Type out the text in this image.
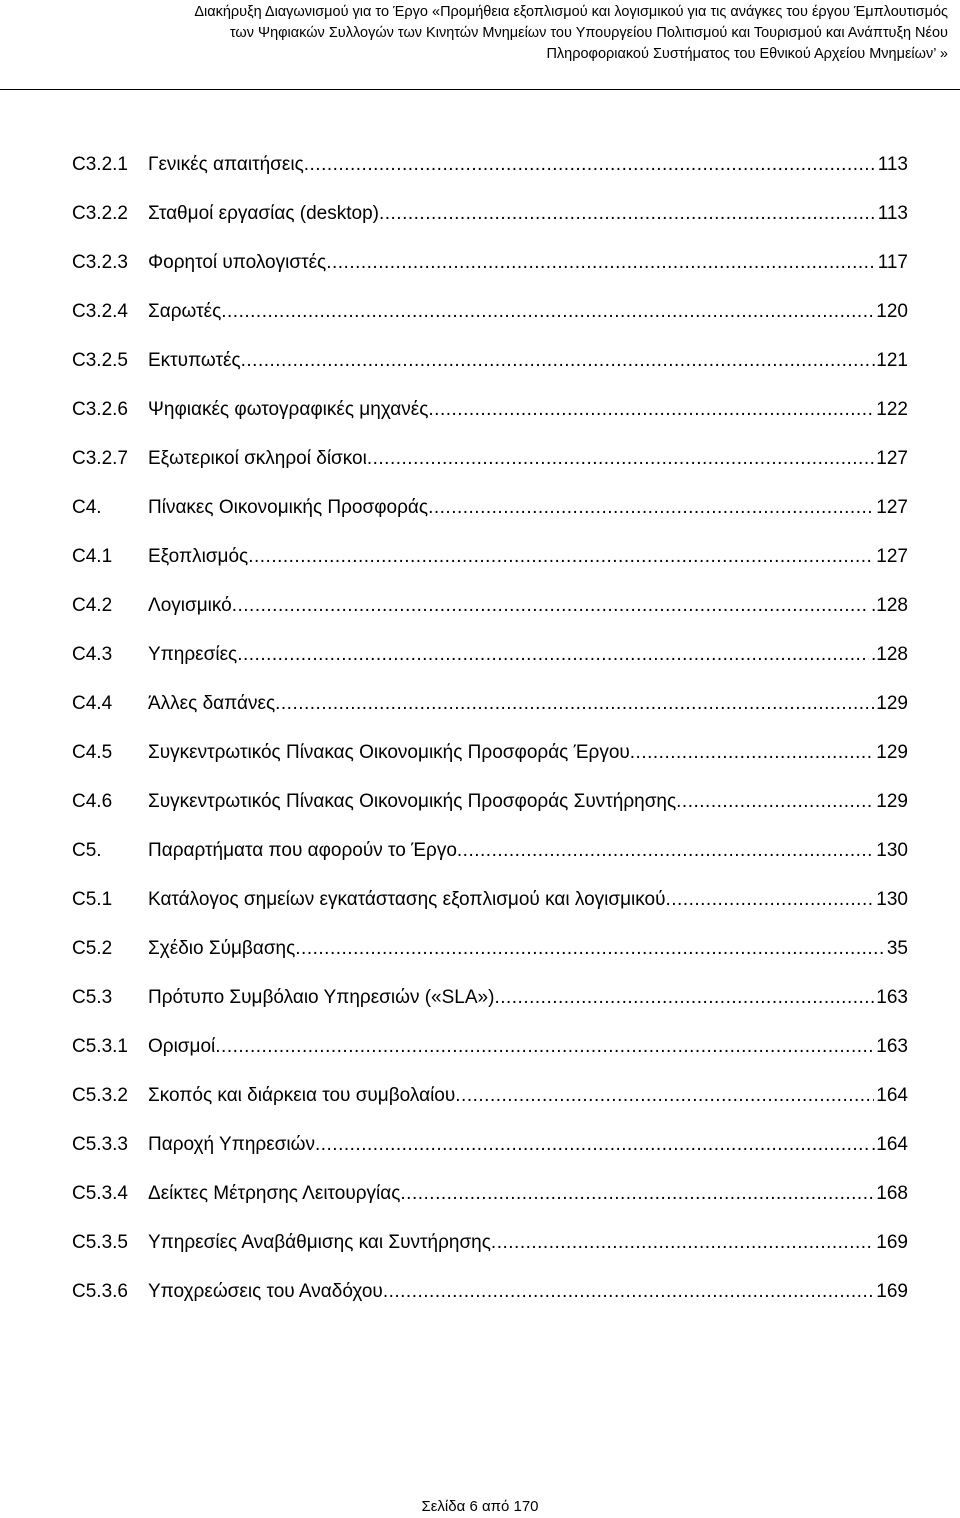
Διακήρυξη Διαγωνισμού για το Έργο «Προμήθεια εξοπλισμού και λογισμικού για τις ανάγκες του έργου Έμπλουτισμός
των Ψηφιακών Συλλογών των Κινητών Μνημείων του Υπουργείου Πολιτισμού και Τουρισμού και Ανάπτυξη Νέου
Πληροφοριακού Συστήματος του Εθνικού Αρχείου Μνημείων’ »
C3.2.1	Γενικές απαιτήσεις .....	113
C3.2.2	Σταθμοί εργασίας (desktop) .....	113
C3.2.3	Φορητοί υπολογιστές .....	117
C3.2.4	Σαρωτές .....	120
C3.2.5	Εκτυπωτές .....	.121
C3.2.6	Ψηφιακές φωτογραφικές μηχανές .....	122
C3.2.7	Εξωτερικοί σκληροί δίσκοι .....	127
C4.	Πίνακες Οικονομικής Προσφοράς .....	127
C4.1	Εξοπλισμός .....	127
C4.2	Λογισμικό .....	.128
C4.3	Υπηρεσίες .....	.128
C4.4	Άλλες δαπάνες .....	129
C4.5	Συγκεντρωτικός Πίνακας Οικονομικής Προσφοράς Έργου .....	129
C4.6	Συγκεντρωτικός Πίνακας Οικονομικής Προσφοράς Συντήρησης .....	129
C5.	Παραρτήματα που αφορούν το Έργο .....	130
C5.1	Κατάλογος σημείων εγκατάστασης εξοπλισμού και λογισμικού .....	130
C5.2	Σχέδιο Σύμβασης .....	35
C5.3	Πρότυπο Συμβόλαιο Υπηρεσιών («SLA») .....	163
C5.3.1	Ορισμοί .....	163
C5.3.2	Σκοπός και διάρκεια του συμβολαίου .....	164
C5.3.3	Παροχή Υπηρεσιών .....	.164
C5.3.4	Δείκτες Μέτρησης Λειτουργίας .....	168
C5.3.5	Υπηρεσίες Αναβάθμισης και Συντήρησης .....	169
C5.3.6	Υποχρεώσεις του Αναδόχου .....	169
Σελίδα 6 από 170
